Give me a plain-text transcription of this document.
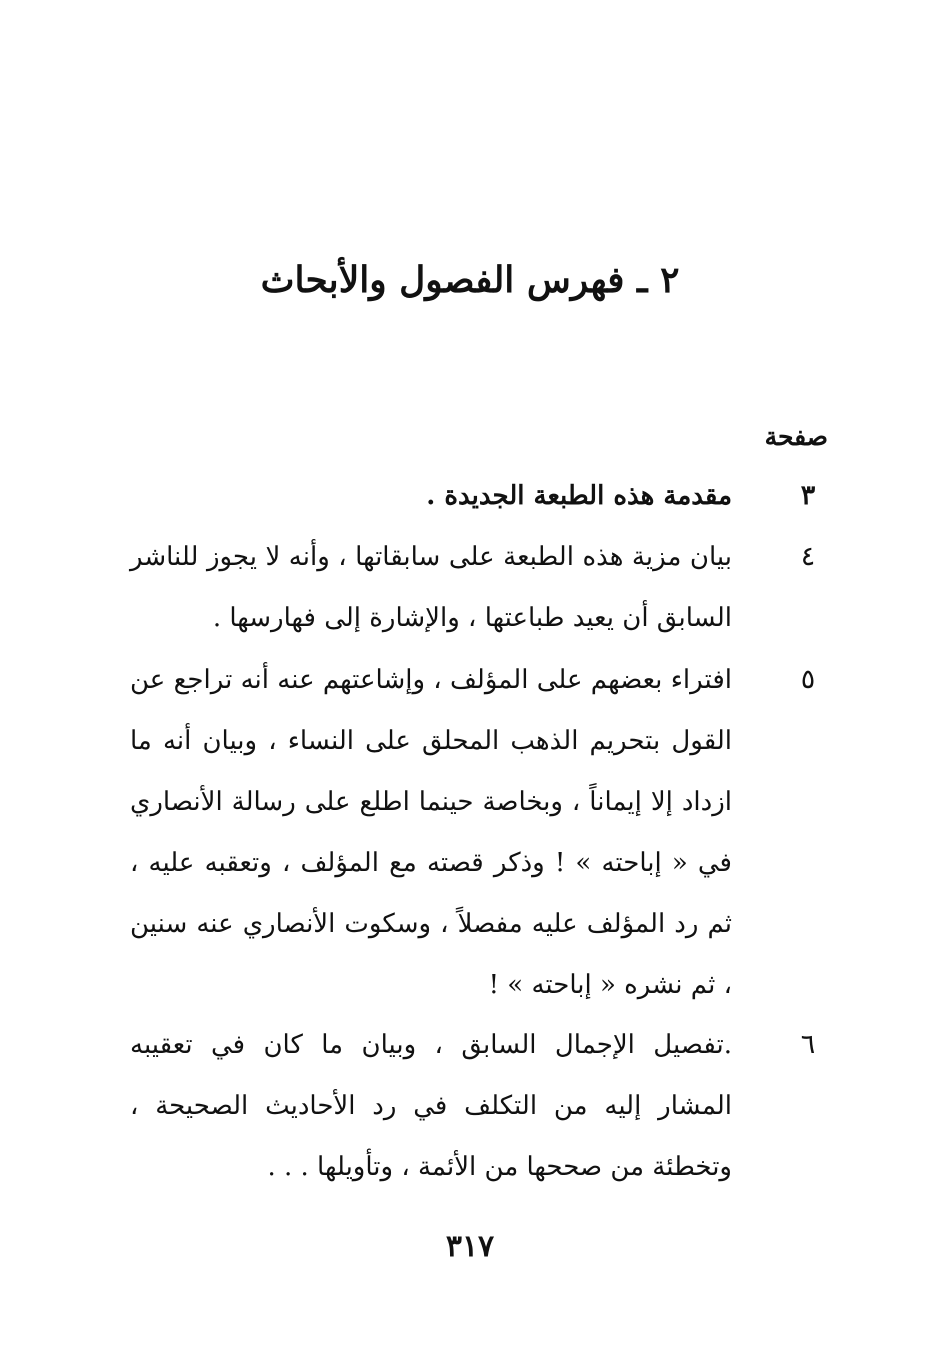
٢ ـ فهرس الفصول والأبحاث
صفحة
٣
مقدمة هذه الطبعة الجديدة .
٤
بيان مزية هذه الطبعة على سابقاتها ، وأنه لا يجوز للناشر السابق أن يعيد طباعتها ، والإشارة إلى فهارسها .
٥
افتراء بعضهم على المؤلف ، وإشاعتهم عنه أنه تراجع عن القول بتحريم الذهب المحلق على النساء ، وبيان أنه ما ازداد إلا إيماناً ، وبخاصة حينما اطلع على رسالة الأنصاري في « إباحته » ! وذكر قصته مع المؤلف ، وتعقبه عليه ، ثم رد المؤلف عليه مفصلاً ، وسكوت الأنصاري عنه سنين ، ثم نشره « إباحته » !
٦
.تفصيل الإجمال السابق ، وبيان ما كان في تعقيبه المشار إليه من التكلف في رد الأحاديث الصحيحة ، وتخطئة من صححها من الأئمة ، وتأويلها . . .
٣١٧
